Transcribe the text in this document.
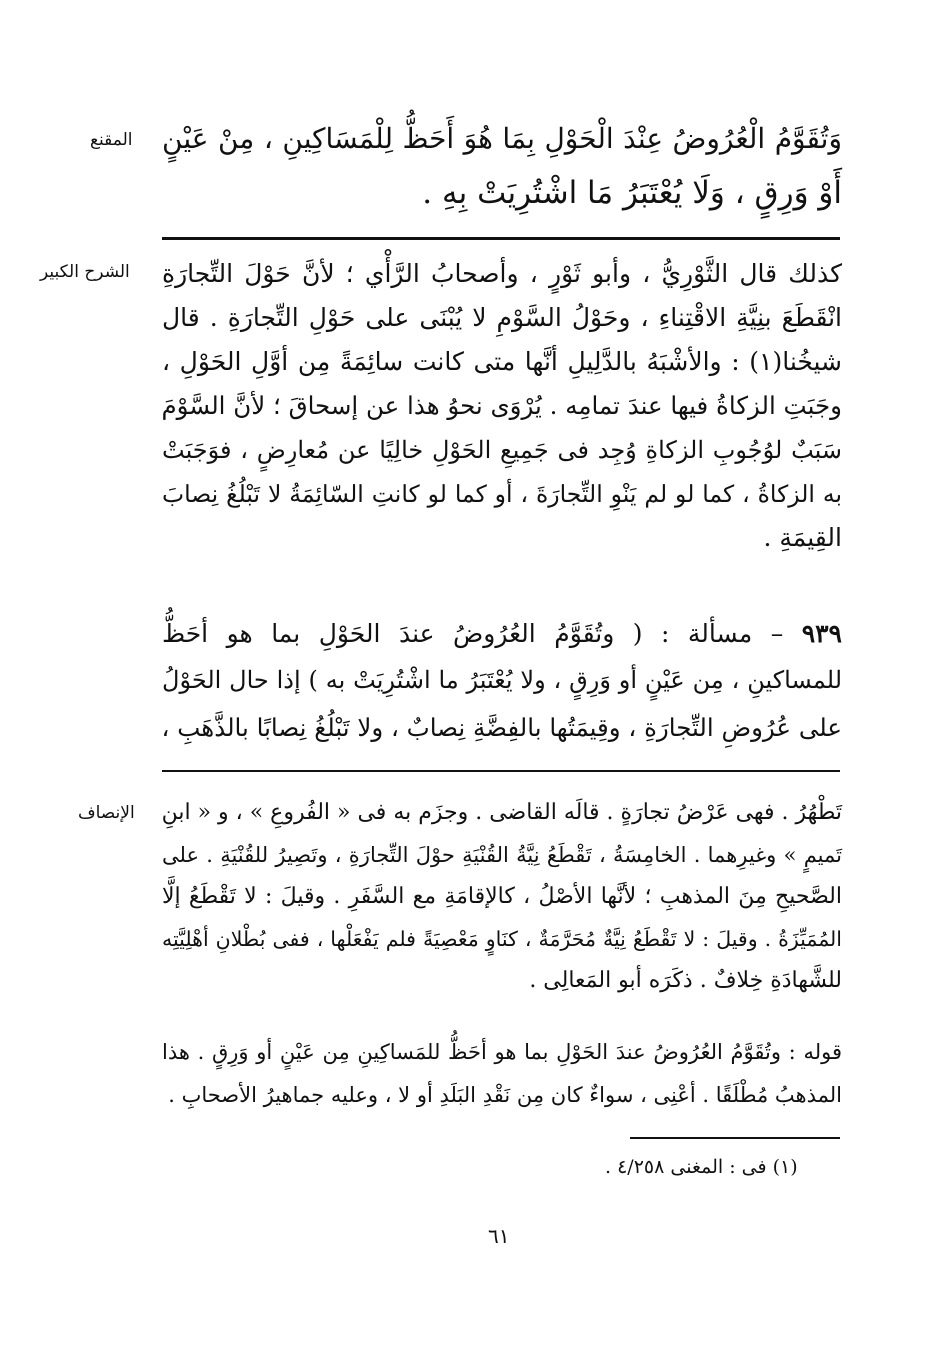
المقنع وَتُقَوَّمُ الْعُرُوضُ عِنْدَ الْحَوْلِ بِمَا هُوَ أَحَظُّ لِلْمَسَاكِينِ ، مِنْ عَيْنٍ
أَوْ وَرِقٍ ، وَلَا يُعْتَبَرُ مَا اشْتُرِيَتْ بِهِ .
الشرح الكبير كذلك قال الثَّوْرِيُّ ، وأبو ثَوْرٍ ، وأصحابُ الرَّأْي ؛ لأنَّ حَوْلَ التِّجارَةِ
انْقَطَعَ بنِيَّةِ الاقْتِناءِ ، وحَوْلُ السَّوْمِ لا يُبْنَى على حَوْلِ التِّجارَةِ . قال
شيخُنا(١) : والأشْبَهُ بالدَّلِيلِ أنَّها متى كانت سائِمَةً مِن أوَّلِ الحَوْلِ ،
وجَبَتِ الزكاةُ فيها عندَ تمامِه . يُرْوَى نحوُ هذا عن إسحاقَ ؛ لأنَّ السَّوْمَ
سَبَبٌ لوُجُوبِ الزكاةِ وُجِد فى جَمِيعِ الحَوْلِ خالِيًا عن مُعارِضٍ ، فوَجَبَتْ
به الزكاةُ ، كما لو لم يَنْوِ التِّجارَةَ ، أو كما لو كانتِ السّائِمَةُ لا تَبْلُغُ نِصابَ
القِيمَةِ .
٩٣٩ – مسألة : ( وتُقَوَّمُ العُرُوضُ عندَ الحَوْلِ بما هو أحَظُّ
للمساكينِ ، مِن عَيْنٍ أو وَرِقٍ ، ولا يُعْتَبَرُ ما اشْتُرِيَتْ به ) إذا حال الحَوْلُ
على عُرُوضِ التِّجارَةِ ، وقِيمَتُها بالفِضَّةِ نِصابٌ ، ولا تَبْلُغُ نِصابًا بالذَّهَبِ ،
الإنصاف تَطْهُرُ . فهى عَرْضُ تجارَةٍ . قالَه القاضى . وجزَم به فى « الفُروعِ » ، و « ابنِ
تَميمٍ » وغيرِهما . الخامِسَةُ ، تَقْطَعُ نِيَّةُ القُنْيَةِ حوْلَ التِّجارَةِ ، وتَصِيرُ للقُنْيَةِ . على
الصَّحيحِ مِنَ المذهبِ ؛ لأنَّها الأصْلُ ، كالإقامَةِ مع السَّفَرِ . وقيلَ : لا تَقْطَعُ إلَّا
المُمَيِّزَةُ . وقيلَ : لا تَقْطَعُ نِيَّةٌ مُحَرَّمَةٌ ، كنَاوٍ مَعْصِيَةً فلم يَفْعَلْها ، ففى بُطْلانِ أهْلِيَّتِه
للشَّهادَةِ خِلافٌ . ذكَرَه أبو المَعالِى .
قوله : وتُقَوَّمُ العُرُوضُ عندَ الحَوْلِ بما هو أحَظُّ للمَساكِينِ مِن عَيْنٍ أو وَرِقٍ . هذا
المذهبُ مُطْلَقًا . أعْنِى ، سواءٌ كان مِن نَقْدِ البَلَدِ أو لا ، وعليه جماهيرُ الأصحابِ .
(١) فى : المغنى ٤/٢٥٨ .
٦١
